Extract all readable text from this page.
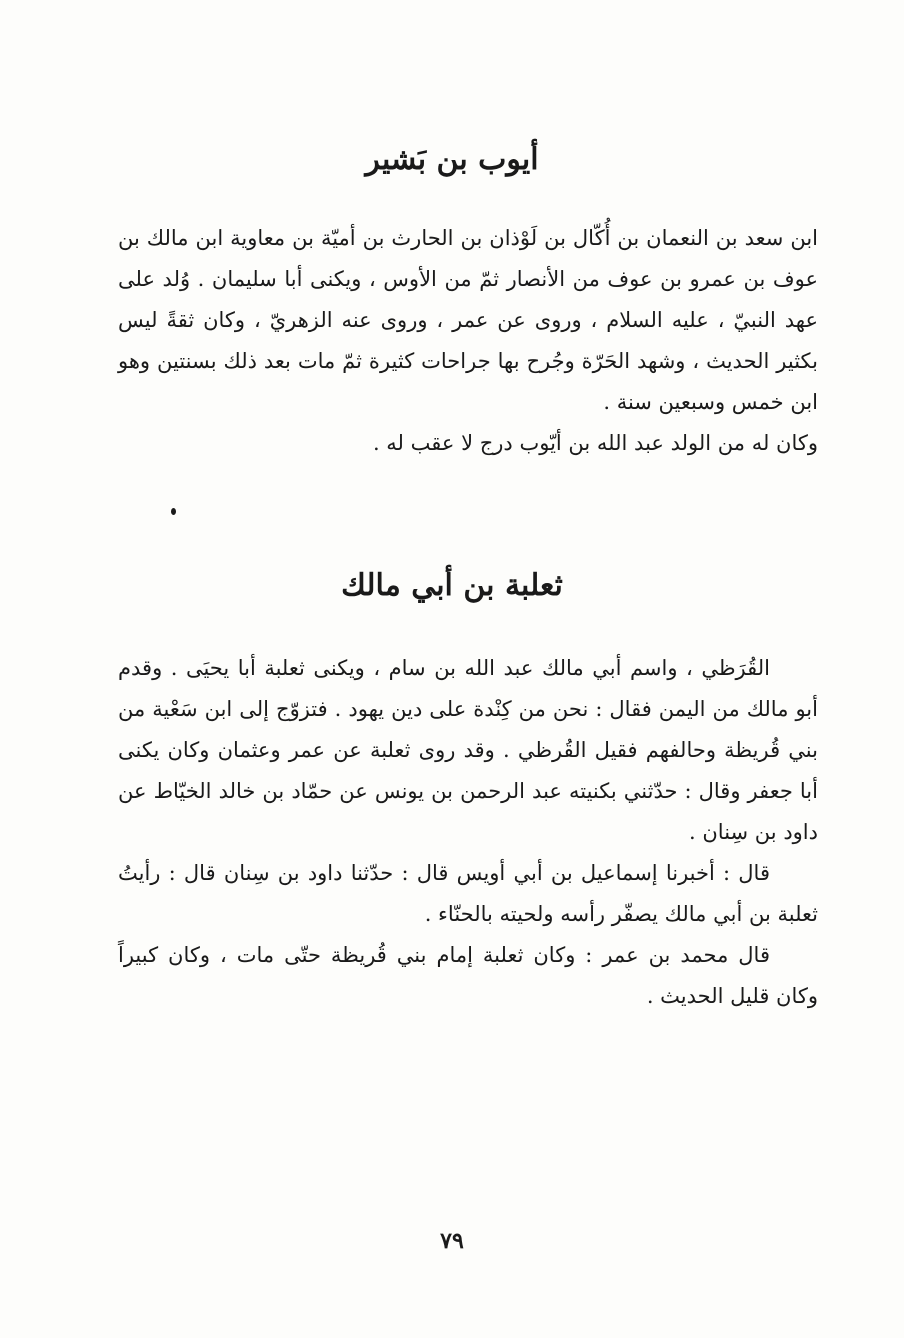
أيوب بن بَشير

ابن سعد بن النعمان بن أُكّال بن لَوْذان بن الحارث بن أميّة بن معاوية ابن مالك بن عوف بن عمرو بن عوف من الأنصار ثمّ من الأوس ، ويكنى أبا سليمان . وُلد على عهد النبيّ ، عليه السلام ، وروى عن عمر ، وروى عنه الزهريّ ، وكان ثقةً ليس بكثير الحديث ، وشهد الحَرّة وجُرح بها جراحات كثيرة ثمّ مات بعد ذلك بسنتين وهو ابن خمس وسبعين سنة .

وكان له من الولد عبد الله بن أيّوب درج لا عقب له .

ثعلبة بن أبي مالك

القُرَظي ، واسم أبي مالك عبد الله بن سام ، ويكنى ثعلبة أبا يحيَى . وقدم أبو مالك من اليمن فقال : نحن من كِنْدة على دين يهود . فتزوّج إلى ابن سَعْية من بني قُريظة وحالفهم فقيل القُرظي . وقد روى ثعلبة عن عمر وعثمان وكان يكنى أبا جعفر وقال : حدّثني بكنيته عبد الرحمن بن يونس عن حمّاد بن خالد الخيّاط عن داود بن سِنان .

قال : أخبرنا إسماعيل بن أبي أويس قال : حدّثنا داود بن سِنان قال : رأيتُ ثعلبة بن أبي مالك يصفّر رأسه ولحيته بالحنّاء .

قال محمد بن عمر : وكان ثعلبة إمام بني قُريظة حتّى مات ، وكان كبيراً وكان قليل الحديث .

٧٩
